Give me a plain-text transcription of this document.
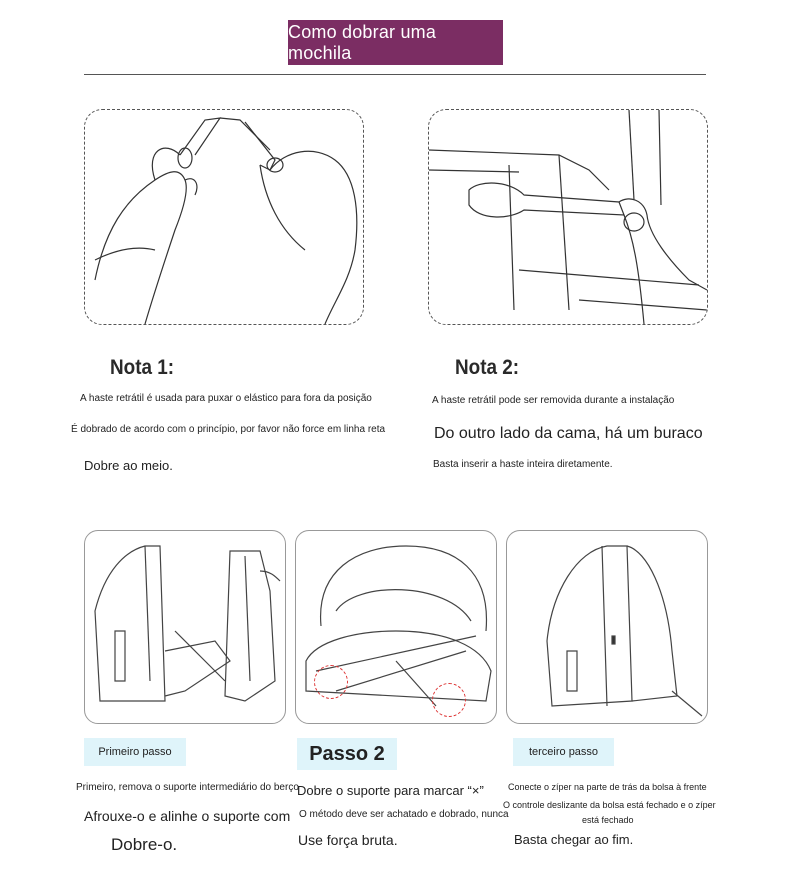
Como dobrar uma mochila
Nota 1:
A haste retrátil é usada para puxar o elástico para fora da posição
É dobrado de acordo com o princípio, por favor não force em linha reta
Dobre ao meio.
Nota 2:
A haste retrátil pode ser removida durante a instalação
Do outro lado da cama, há um buraco
Basta inserir a haste inteira diretamente.
Primeiro passo
Primeiro, remova o suporte intermediário do berço
Afrouxe-o e alinhe o suporte com
Dobre-o.
Passo 2
Dobre o suporte para marcar “×”
O método deve ser achatado e dobrado, nunca
Use força bruta.
terceiro passo
Conecte o zíper na parte de trás da bolsa à frente
O controle deslizante da bolsa está fechado e o zíper
está fechado
Basta chegar ao fim.
